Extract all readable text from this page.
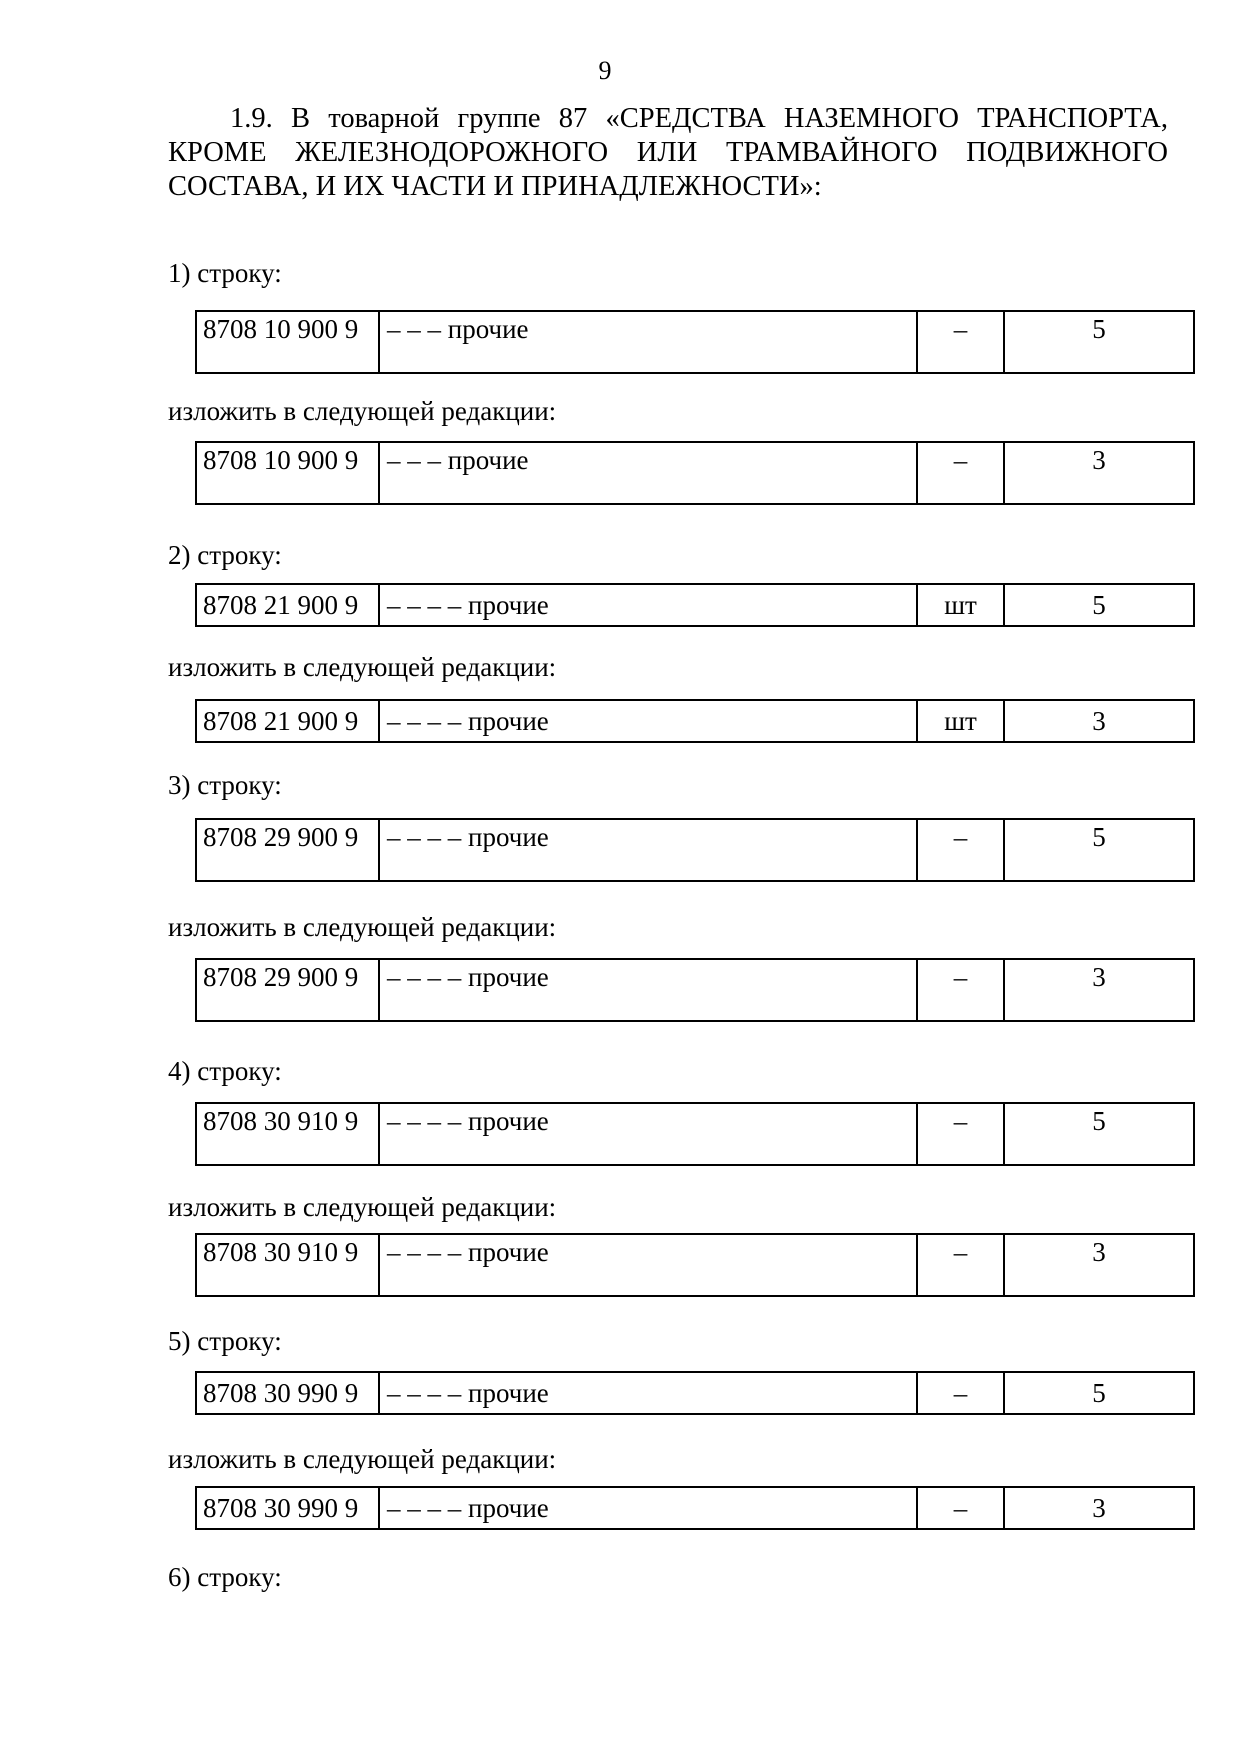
9
1.9. В товарной группе 87 «СРЕДСТВА НАЗЕМНОГО ТРАНСПОРТА,
КРОМЕ ЖЕЛЕЗНОДОРОЖНОГО ИЛИ ТРАМВАЙНОГО ПОДВИЖНОГО
СОСТАВА, И ИХ ЧАСТИ И ПРИНАДЛЕЖНОСТИ»:
1) строку:
8708 10 900 9	– – – прочие	–	5
изложить в следующей редакции:
8708 10 900 9	– – – прочие	–	3
2) строку:
8708 21 900 9	– – – – прочие	шт	5
изложить в следующей редакции:
8708 21 900 9	– – – – прочие	шт	3
3) строку:
8708 29 900 9	– – – – прочие	–	5
изложить в следующей редакции:
8708 29 900 9	– – – – прочие	–	3
4) строку:
8708 30 910 9	– – – – прочие	–	5
изложить в следующей редакции:
8708 30 910 9	– – – – прочие	–	3
5) строку:
8708 30 990 9	– – – – прочие	–	5
изложить в следующей редакции:
8708 30 990 9	– – – – прочие	–	3
6) строку:
